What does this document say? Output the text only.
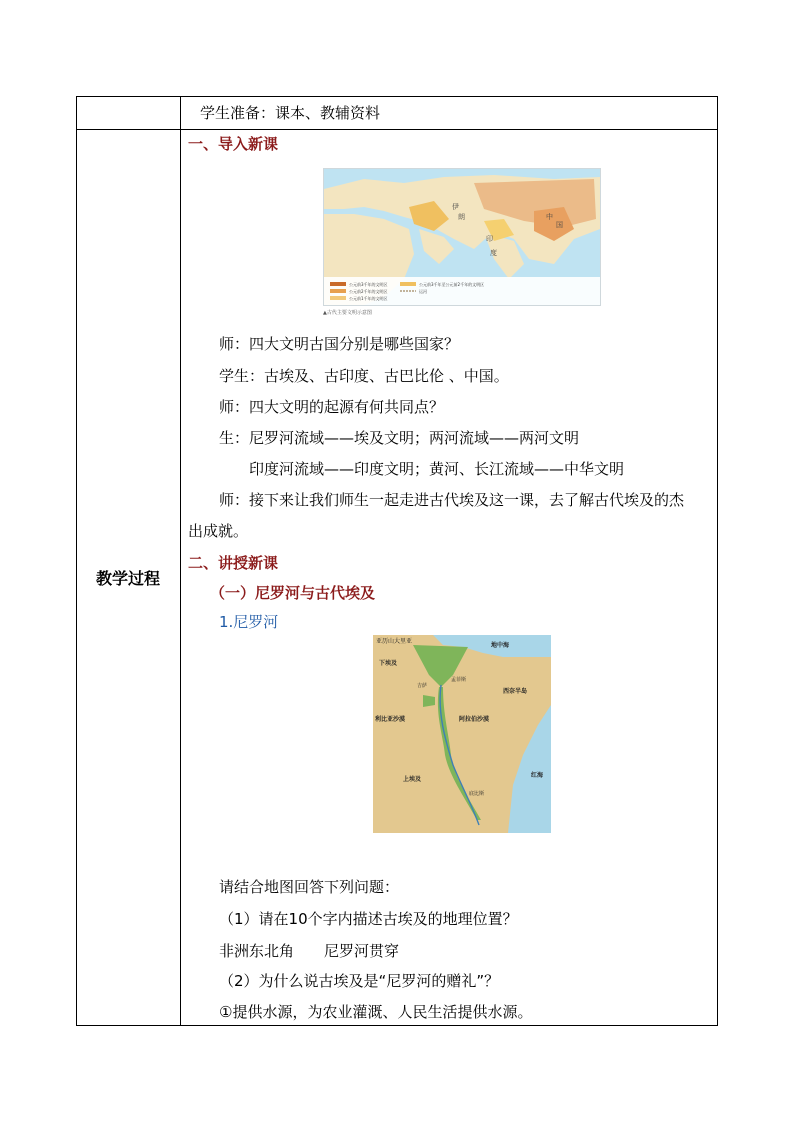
学生准备：课本、教辅资料
教学过程
一、导入新课
公元前3千年的文明区
公元前2千年的文明区
公元前1千年的文明区
公元前3千年至公元前2千年的文明区
运河
中
国
印
度
伊
朗
▲古代主要文明示意图
师：四大文明古国分别是哪些国家？
学生：古埃及、古印度、古巴比伦 、中国。
师：四大文明的起源有何共同点？
生：尼罗河流域——埃及文明；两河流域——两河文明
印度河流域——印度文明；黄河、长江流域——中华文明
师：接下来让我们师生一起走进古代埃及这一课，去了解古代埃及的杰
出成就。
二、讲授新课
（一）尼罗河与古代埃及
1.尼罗河
亚历山大里亚
地中海
下埃及
西奈半岛
利比亚沙漠	阿拉伯沙漠
上埃及
红海
孟菲斯
吉萨
底比斯
请结合地图回答下列问题：
（1）请在10个字内描述古埃及的地理位置？
非洲东北角　　尼罗河贯穿
（2）为什么说古埃及是“尼罗河的赠礼”？
①提供水源，为农业灌溉、人民生活提供水源。
